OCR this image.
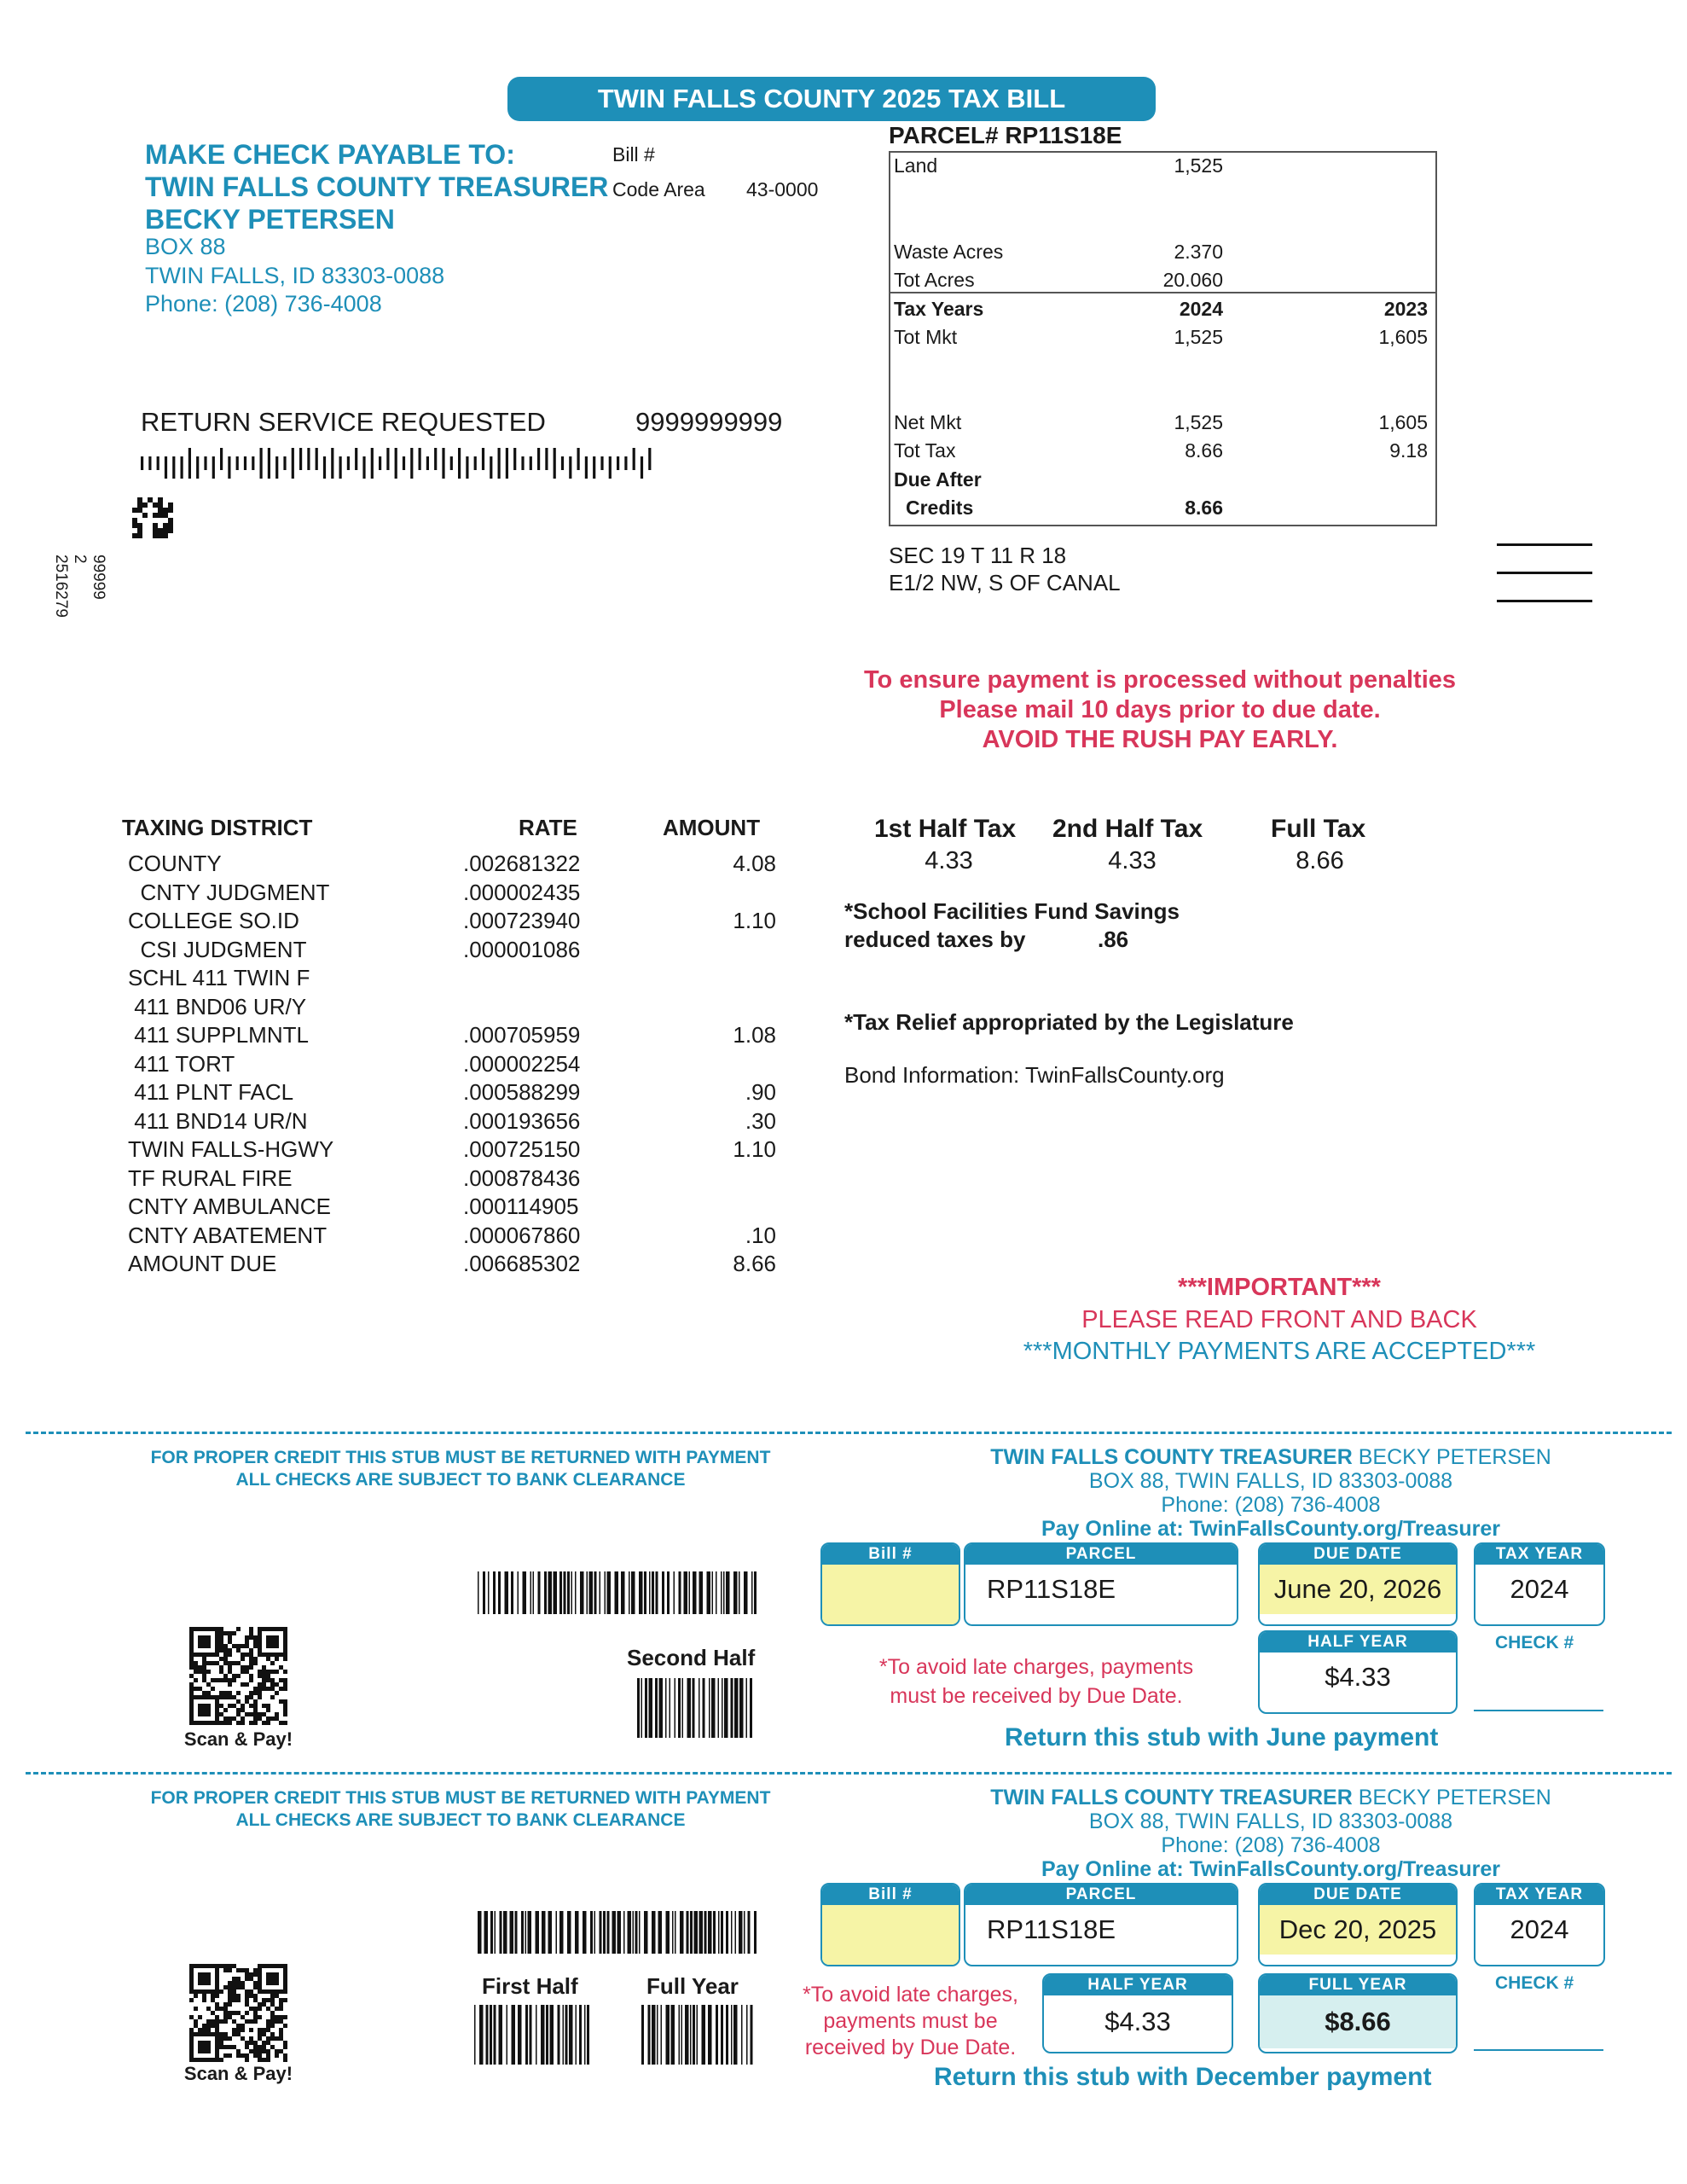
TWIN FALLS COUNTY 2025 TAX BILL
MAKE CHECK PAYABLE TO:
TWIN FALLS COUNTY TREASURER
BECKY PETERSEN
BOX 88
TWIN FALLS, ID 83303-0088
Phone: (208) 736-4008
Bill #
Code Area 43-0000
RETURN SERVICE REQUESTED	9999999999
99999
2
2516279
PARCEL# RP11S18E
Land	1,525
Waste Acres	2.370
Tot Acres	20.060
Tax Years	2024	2023
Tot Mkt	1,525	1,605
Net Mkt	1,525	1,605
Tot Tax	8.66	9.18
Due After
Credits	8.66
SEC 19 T 11 R 18
E1/2 NW, S OF CANAL
To ensure payment is processed without penalties
Please mail 10 days prior to due date.
AVOID THE RUSH PAY EARLY.
TAXING DISTRICT	RATE	AMOUNT
COUNTY	.002681322	4.08
CNTY JUDGMENT	.000002435
COLLEGE SO.ID	.000723940	1.10
CSI JUDGMENT	.000001086
SCHL 411 TWIN F
411 BND06 UR/Y
411 SUPPLMNTL	.000705959	1.08
411 TORT	.000002254
411 PLNT FACL	.000588299	.90
411 BND14 UR/N	.000193656	.30
TWIN FALLS-HGWY	.000725150	1.10
TF RURAL FIRE	.000878436
CNTY AMBULANCE	.000114905
CNTY ABATEMENT	.000067860	.10
AMOUNT DUE	.006685302	8.66
1st Half Tax 2nd Half Tax	Full Tax
4.33	4.33	8.66
*School Facilities Fund Savings
reduced taxes by	.86
*Tax Relief appropriated by the Legislature
Bond Information: TwinFallsCounty.org
***IMPORTANT***
PLEASE READ FRONT AND BACK
***MONTHLY PAYMENTS ARE ACCEPTED***
FOR PROPER CREDIT THIS STUB MUST BE RETURNED WITH PAYMENT
ALL CHECKS ARE SUBJECT TO BANK CLEARANCE
TWIN FALLS COUNTY TREASURER BECKY PETERSEN
BOX 88, TWIN FALLS, ID 83303-0088
Phone: (208) 736-4008
Pay Online at: TwinFallsCounty.org/Treasurer
Scan & Pay!
Second Half
Bill #	PARCEL
RP11S18E
DUE DATE
June 20, 2026
TAX YEAR
2024
CHECK #
HALF YEAR
$4.33
*To avoid late charges, payments
must be received by Due Date.
Return this stub with June payment
FOR PROPER CREDIT THIS STUB MUST BE RETURNED WITH PAYMENT
ALL CHECKS ARE SUBJECT TO BANK CLEARANCE
TWIN FALLS COUNTY TREASURER BECKY PETERSEN
BOX 88, TWIN FALLS, ID 83303-0088
Phone: (208) 736-4008
Pay Online at: TwinFallsCounty.org/Treasurer
Scan & Pay!
First Half	Full Year
Bill #	PARCEL
RP11S18E
DUE DATE
Dec 20, 2025
TAX YEAR
2024
CHECK #
*To avoid late charges,
payments must be
received by Due Date.
HALF YEAR
$4.33
FULL YEAR
$8.66
Return this stub with December payment
